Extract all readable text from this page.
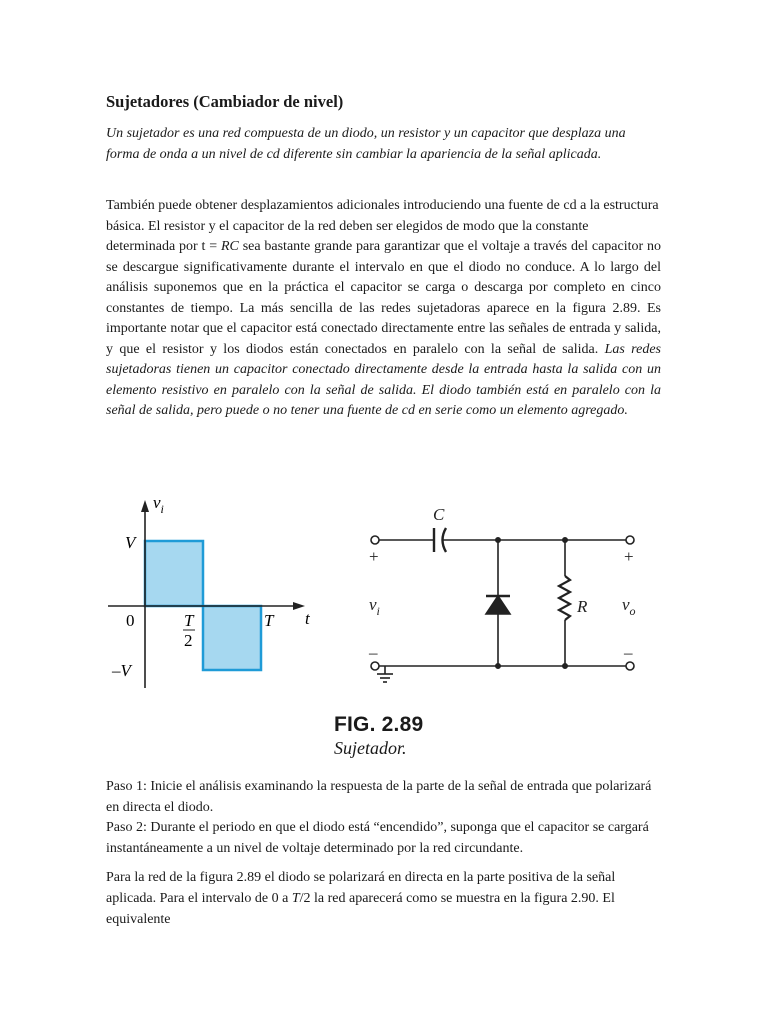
Sujetadores (Cambiador de nivel)

Un sujetador es una red compuesta de un diodo, un resistor y un capacitor que desplaza una forma de onda a un nivel de cd diferente sin cambiar la apariencia de la señal aplicada.

También puede obtener desplazamientos adicionales introduciendo una fuente de cd a la estructura básica. El resistor y el capacitor de la red deben ser elegidos de modo que la constante
determinada por t = RC sea bastante grande para garantizar que el voltaje a través del capacitor no se descargue significativamente durante el intervalo en que el diodo no conduce. A lo largo del análisis suponemos que en la práctica el capacitor se carga o descarga por completo en cinco constantes de tiempo. La más sencilla de las redes sujetadoras aparece en la figura 2.89. Es importante notar que el capacitor está conectado directamente entre las señales de entrada y salida, y que el resistor y los diodos están conectados en paralelo con la señal de salida. Las redes sujetadoras tienen un capacitor conectado directamente desde la entrada hasta la salida con un elemento resistivo en paralelo con la señal de salida. El diodo también está en paralelo con la señal de salida, pero puede o no tener una fuente de cd en serie como un elemento agregado.

Paso 1: Inicie el análisis examinando la respuesta de la parte de la señal de entrada que polarizará en directa el diodo.
Paso 2: Durante el periodo en que el diodo está “encendido”, suponga que el capacitor se cargará instantáneamente a un nivel de voltaje determinado por la red circundante.

Para la red de la figura 2.89 el diodo se polarizará en directa en la parte positiva de la señal aplicada. Para el intervalo de 0 a T/2 la red aparecerá como se muestra en la figura 2.90. El equivalente

$v_i$
t
V
0
–V
T
2
T
C
R
+	+
–	–
$v_i$	$v_o$
FIG. 2.89
Sujetador.
